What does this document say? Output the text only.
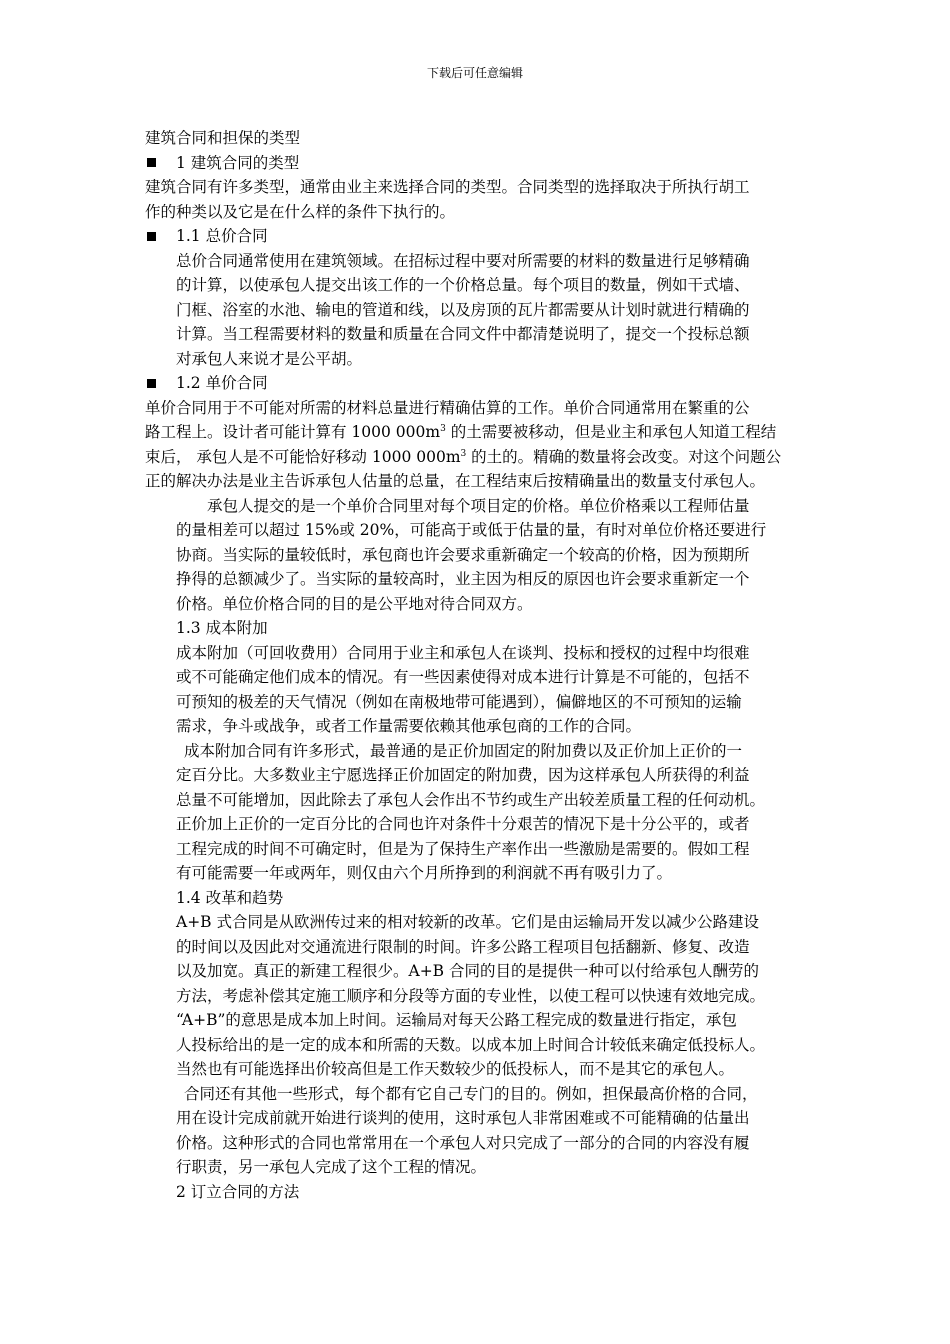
下载后可任意编辑

建筑合同和担保的类型

1 建筑合同的类型

建筑合同有许多类型，通常由业主来选择合同的类型。合同类型的选择取决于所执行胡工

作的种类以及它是在什么样的条件下执行的。

1.1 总价合同

总价合同通常使用在建筑领域。在招标过程中要对所需要的材料的数量进行足够精确

的计算，以使承包人提交出该工作的一个价格总量。每个项目的数量，例如干式墙、

门框、浴室的水池、输电的管道和线，以及房顶的瓦片都需要从计划时就进行精确的

计算。当工程需要材料的数量和质量在合同文件中都清楚说明了，提交一个投标总额

对承包人来说才是公平胡。

1.2 单价合同

单价合同用于不可能对所需的材料总量进行精确估算的工作。单价合同通常用在繁重的公

路工程上。设计者可能计算有 1000 $000m^3$ 的土需要被移动，但是业主和承包人知道工程结

束后， 承包人是不可能恰好移动 1000 $000m^3$ 的土的。精确的数量将会改变。对这个问题公

正的解决办法是业主告诉承包人估量的总量，在工程结束后按精确量出的数量支付承包人。

承包人提交的是一个单价合同里对每个项目定的价格。单位价格乘以工程师估量

的量相差可以超过 15%或 20%，可能高于或低于估量的量，有时对单位价格还要进行

协商。当实际的量较低时，承包商也许会要求重新确定一个较高的价格，因为预期所

挣得的总额减少了。当实际的量较高时，业主因为相反的原因也许会要求重新定一个

价格。单位价格合同的目的是公平地对待合同双方。

1.3 成本附加

成本附加（可回收费用）合同用于业主和承包人在谈判、投标和授权的过程中均很难

或不可能确定他们成本的情况。有一些因素使得对成本进行计算是不可能的，包括不

可预知的极差的天气情况（例如在南极地带可能遇到），偏僻地区的不可预知的运输

需求，争斗或战争，或者工作量需要依赖其他承包商的工作的合同。

成本附加合同有许多形式，最普通的是正价加固定的附加费以及正价加上正价的一

定百分比。大多数业主宁愿选择正价加固定的附加费，因为这样承包人所获得的利益

总量不可能增加，因此除去了承包人会作出不节约或生产出较差质量工程的任何动机。

正价加上正价的一定百分比的合同也许对条件十分艰苦的情况下是十分公平的，或者

工程完成的时间不可确定时，但是为了保持生产率作出一些激励是需要的。假如工程

有可能需要一年或两年，则仅由六个月所挣到的利润就不再有吸引力了。

1.4 改革和趋势

A+B 式合同是从欧洲传过来的相对较新的改革。它们是由运输局开发以减少公路建设

的时间以及因此对交通流进行限制的时间。许多公路工程项目包括翻新、修复、改造

以及加宽。真正的新建工程很少。A+B 合同的目的是提供一种可以付给承包人酬劳的

方法，考虑补偿其定施工顺序和分段等方面的专业性，以使工程可以快速有效地完成。

“A+B”的意思是成本加上时间。运输局对每天公路工程完成的数量进行指定，承包

人投标给出的是一定的成本和所需的天数。以成本加上时间合计较低来确定低投标人。

当然也有可能选择出价较高但是工作天数较少的低投标人，而不是其它的承包人。

合同还有其他一些形式，每个都有它自己专门的目的。例如，担保最高价格的合同，

用在设计完成前就开始进行谈判的使用，这时承包人非常困难或不可能精确的估量出

价格。这种形式的合同也常常用在一个承包人对只完成了一部分的合同的内容没有履

行职责，另一承包人完成了这个工程的情况。

2 订立合同的方法
